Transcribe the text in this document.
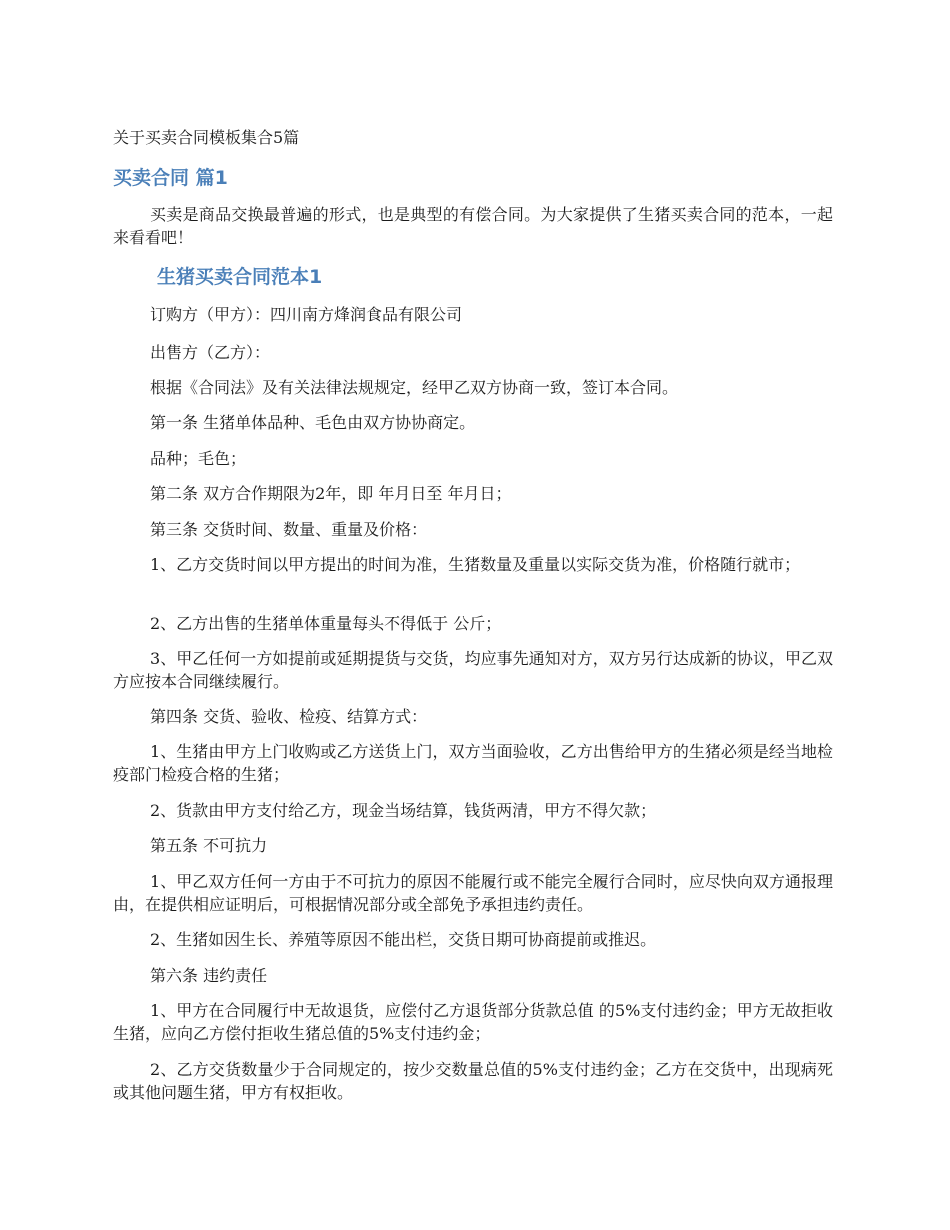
关于买卖合同模板集合5篇
买卖合同 篇1
买卖是商品交换最普遍的形式，也是典型的有偿合同。为大家提供了生猪买卖合同的范本，一起来看看吧！
生猪买卖合同范本1
订购方（甲方）：四川南方烽润食品有限公司
出售方（乙方）：
根据《合同法》及有关法律法规规定，经甲乙双方协商一致，签订本合同。
第一条 生猪单体品种、毛色由双方协协商定。
品种；毛色；
第二条 双方合作期限为2年，即 年月日至 年月日；
第三条 交货时间、数量、重量及价格：
1、乙方交货时间以甲方提出的时间为准，生猪数量及重量以实际交货为准，价格随行就市；
2、乙方出售的生猪单体重量每头不得低于 公斤；
3、甲乙任何一方如提前或延期提货与交货，均应事先通知对方，双方另行达成新的协议，甲乙双方应按本合同继续履行。
第四条 交货、验收、检疫、结算方式：
1、生猪由甲方上门收购或乙方送货上门，双方当面验收，乙方出售给甲方的生猪必须是经当地检疫部门检疫合格的生猪；
2、货款由甲方支付给乙方，现金当场结算，钱货两清，甲方不得欠款；
第五条 不可抗力
1、甲乙双方任何一方由于不可抗力的原因不能履行或不能完全履行合同时，应尽快向双方通报理由，在提供相应证明后，可根据情况部分或全部免予承担违约责任。
2、生猪如因生长、养殖等原因不能出栏，交货日期可协商提前或推迟。
第六条 违约责任
1、甲方在合同履行中无故退货，应偿付乙方退货部分货款总值 的5%支付违约金；甲方无故拒收生猪，应向乙方偿付拒收生猪总值的5%支付违约金；
2、乙方交货数量少于合同规定的，按少交数量总值的5%支付违约金；乙方在交货中，出现病死或其他问题生猪，甲方有权拒收。
